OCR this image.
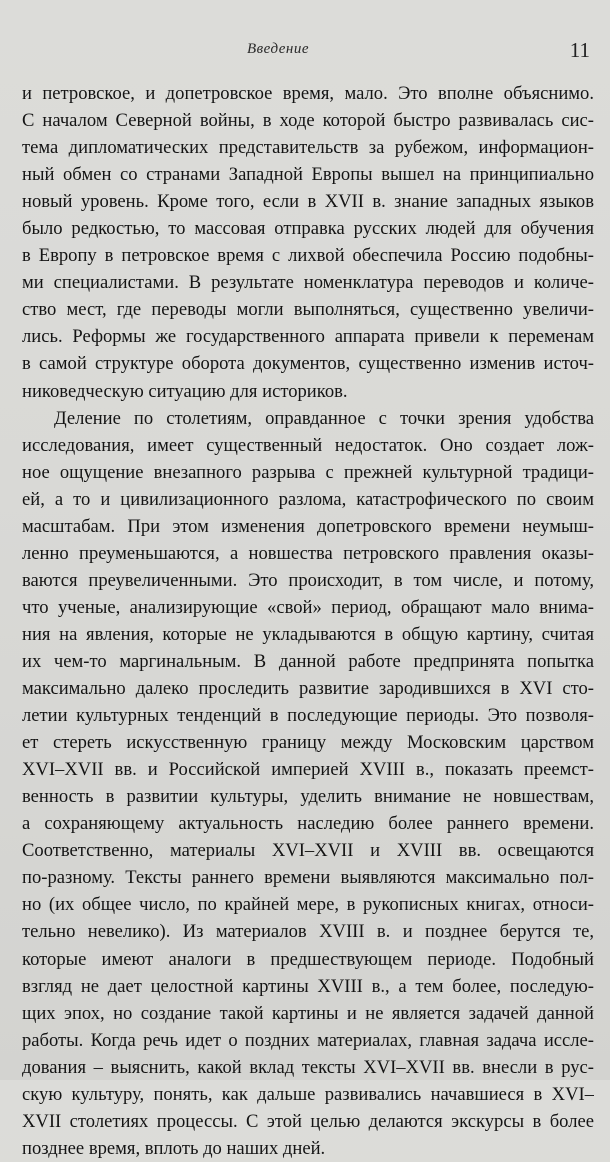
Введение	11
и петровское, и допетровское время, мало. Это вполне объяснимо.
С началом Северной войны, в ходе которой быстро развивалась сис-
тема дипломатических представительств за рубежом, информацион-
ный обмен со странами Западной Европы вышел на принципиально
новый уровень. Кроме того, если в XVII в. знание западных языков
было редкостью, то массовая отправка русских людей для обучения
в Европу в петровское время с лихвой обеспечила Россию подобны-
ми специалистами. В результате номенклатура переводов и количе-
ство мест, где переводы могли выполняться, существенно увеличи-
лись. Реформы же государственного аппарата привели к переменам
в самой структуре оборота документов, существенно изменив источ-
никоведческую ситуацию для историков.
Деление по столетиям, оправданное с точки зрения удобства
исследования, имеет существенный недостаток. Оно создает лож-
ное ощущение внезапного разрыва с прежней культурной традици-
ей, а то и цивилизационного разлома, катастрофического по своим
масштабам. При этом изменения допетровского времени неумыш-
ленно преуменьшаются, а новшества петровского правления оказы-
ваются преувеличенными. Это происходит, в том числе, и потому,
что ученые, анализирующие «свой» период, обращают мало внима-
ния на явления, которые не укладываются в общую картину, считая
их чем-то маргинальным. В данной работе предпринята попытка
максимально далеко проследить развитие зародившихся в XVI сто-
летии культурных тенденций в последующие периоды. Это позволя-
ет стереть искусственную границу между Московским царством
XVI–XVII вв. и Российской империей XVIII в., показать преемст-
венность в развитии культуры, уделить внимание не новшествам,
а сохраняющему актуальность наследию более раннего времени.
Соответственно, материалы XVI–XVII и XVIII вв. освещаются
по-разному. Тексты раннего времени выявляются максимально пол-
но (их общее число, по крайней мере, в рукописных книгах, относи-
тельно невелико). Из материалов XVIII в. и позднее берутся те,
которые имеют аналоги в предшествующем периоде. Подобный
взгляд не дает целостной картины XVIII в., а тем более, последую-
щих эпох, но создание такой картины и не является задачей данной
работы. Когда речь идет о поздних материалах, главная задача иссле-
дования – выяснить, какой вклад тексты XVI–XVII вв. внесли в рус-
скую культуру, понять, как дальше развивались начавшиеся в XVI–
XVII столетиях процессы. С этой целью делаются экскурсы в более
позднее время, вплоть до наших дней.
